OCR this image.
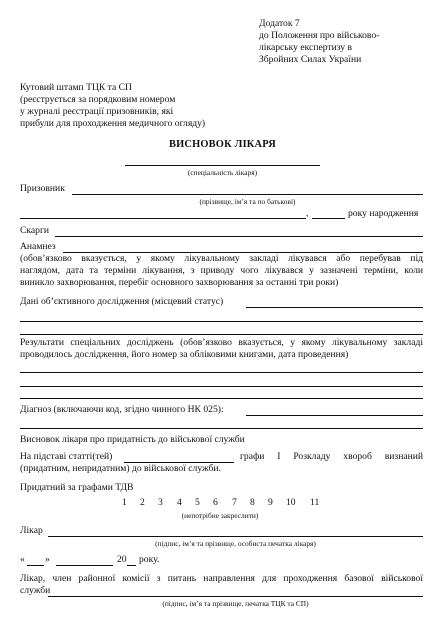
Додаток 7
до Положення про військово-
лікарську експертизу в
Збройних Силах України
Кутовий штамп ТЦК та СП
(реєструється за порядковим номером
у журналі реєстрації призовників, які
прибули для проходження медичного огляду)
ВИСНОВОК ЛІКАРЯ
(спеціальність лікаря)
Призовник
(прізвище, ім’я та по батькові)
,	року народження
Скарги
Анамнез
(обов’язково вказується, у якому лікувальному закладі лікувався або перебував під
наглядом, дата та терміни лікування, з приводу чого лікувався у зазначені терміни, коли
виникло захворювання, перебіг основного захворювання за останні три роки)
Дані об’єктивного дослідження (місцевий статус)
Результати спеціальних досліджень (обов’язково вказується, у якому лікувальному закладі
проводилось дослідження, його номер за обліковими книгами, дата проведення)
Діагноз (включаючи код, згідно чинного НК 025):
Висновок лікаря про придатність до військової служби
На підставі статті(тей)	графи І Розкладу хвороб визнаний
(придатним, непридатним) до військової служби.
Придатний за графами ТДВ
1 2 3 4 5 6 7 8 9 10 11
(непотрібне закреслити)
Лікар
(підпис, ім’я та прізвище, особиста печатка лікаря)
« »	20 року.
Лікар, член районної комісії з питань направлення для проходження базової військової
служби
(підпис, ім’я та прізвище, печатка ТЦК та СП)
